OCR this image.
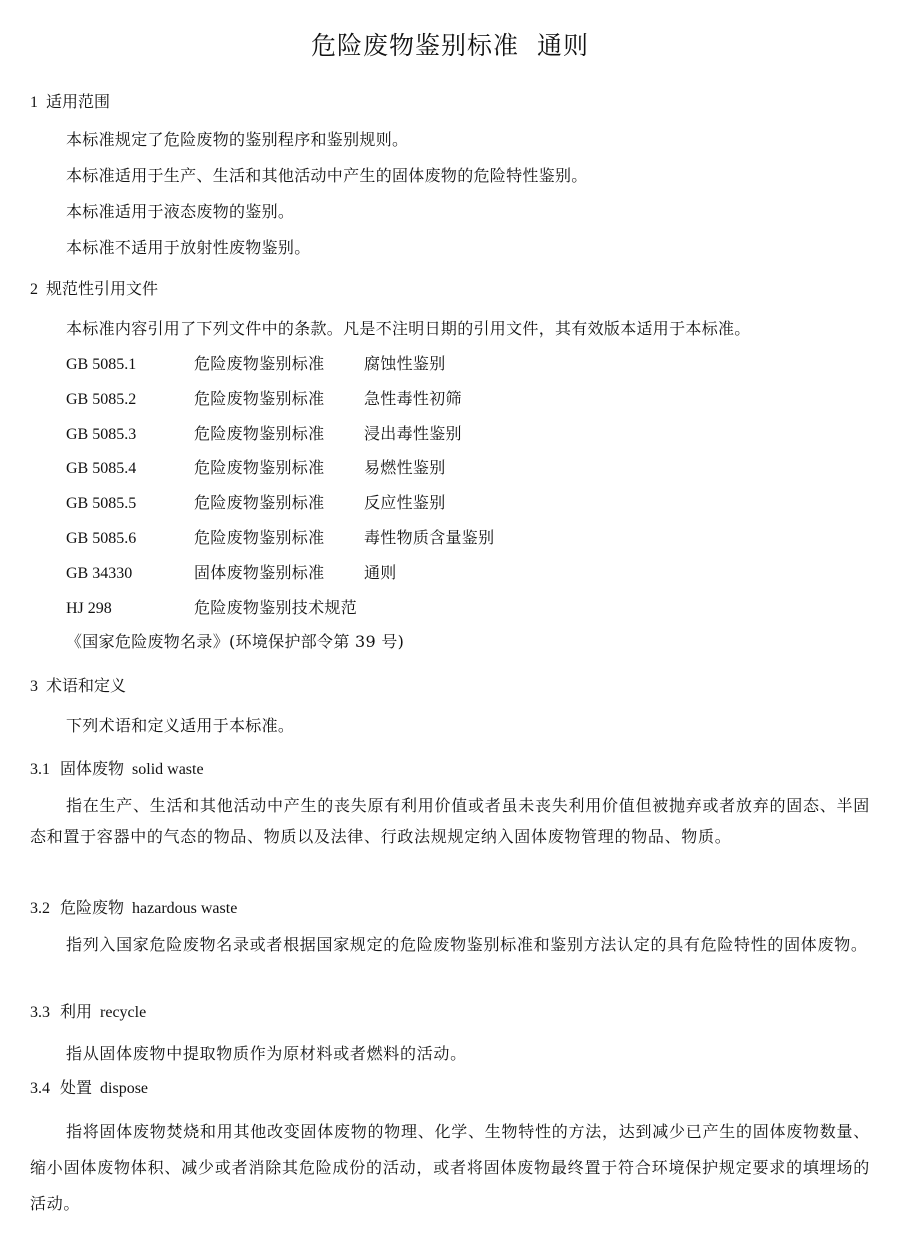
危险废物鉴别标准  通则
1 适用范围
本标准规定了危险废物的鉴别程序和鉴别规则。
本标准适用于生产、生活和其他活动中产生的固体废物的危险特性鉴别。
本标准适用于液态废物的鉴别。
本标准不适用于放射性废物鉴别。
2 规范性引用文件
本标准内容引用了下列文件中的条款。凡是不注明日期的引用文件，其有效版本适用于本标准。
GB 5085.1	危险废物鉴别标准 腐蚀性鉴别
GB 5085.2	危险废物鉴别标准 急性毒性初筛
GB 5085.3	危险废物鉴别标准 浸出毒性鉴别
GB 5085.4	危险废物鉴别标准 易燃性鉴别
GB 5085.5	危险废物鉴别标准 反应性鉴别
GB 5085.6	危险废物鉴别标准 毒性物质含量鉴别
GB 34330	固体废物鉴别标准 通则
HJ 298	危险废物鉴别技术规范
《国家危险废物名录》(环境保护部令第 39 号)
3 术语和定义
下列术语和定义适用于本标准。
3.1 固体废物 solid waste
指在生产、生活和其他活动中产生的丧失原有利用价值或者虽未丧失利用价值但被抛弃或者放弃的固态、半固态和置于容器中的气态的物品、物质以及法律、行政法规规定纳入固体废物管理的物品、物质。
3.2 危险废物 hazardous waste
指列入国家危险废物名录或者根据国家规定的危险废物鉴别标准和鉴别方法认定的具有危险特性的固体废物。
3.3 利用 recycle
指从固体废物中提取物质作为原材料或者燃料的活动。
3.4 处置 dispose
指将固体废物焚烧和用其他改变固体废物的物理、化学、生物特性的方法，达到减少已产生的固体废物数量、缩小固体废物体积、减少或者消除其危险成份的活动，或者将固体废物最终置于符合环境保护规定要求的填埋场的活动。
